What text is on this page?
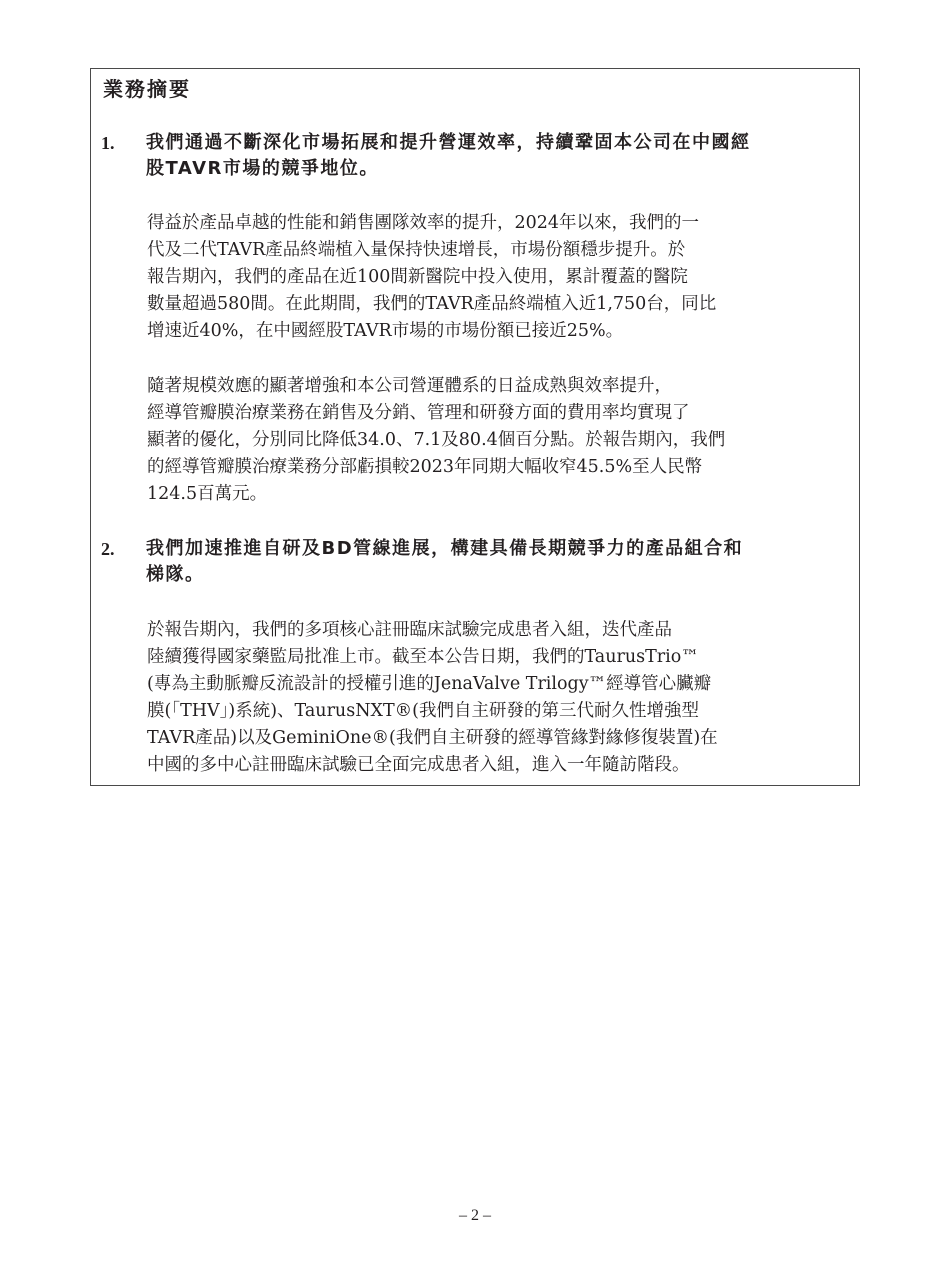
業務摘要
1. 我們通過不斷深化市場拓展和提升營運效率，持續鞏固本公司在中國經
股TAVR市場的競爭地位。
得益於產品卓越的性能和銷售團隊效率的提升，2024年以來，我們的一
代及二代TAVR產品終端植入量保持快速增長，市場份額穩步提升。於
報告期內，我們的產品在近100間新醫院中投入使用，累計覆蓋的醫院
數量超過580間。在此期間，我們的TAVR產品終端植入近1,750台，同比
增速近40%，在中國經股TAVR市場的市場份額已接近25%。
隨著規模效應的顯著增強和本公司營運體系的日益成熟與效率提升，
經導管瓣膜治療業務在銷售及分銷、管理和研發方面的費用率均實現了
顯著的優化，分別同比降低34.0、7.1及80.4個百分點。於報告期內，我們
的經導管瓣膜治療業務分部虧損較2023年同期大幅收窄45.5%至人民幣
124.5百萬元。
2. 我們加速推進自研及BD管線進展，構建具備長期競爭力的產品組合和
梯隊。
於報告期內，我們的多項核心註冊臨床試驗完成患者入組，迭代產品
陸續獲得國家藥監局批准上市。截至本公告日期，我們的TaurusTrio™
(專為主動脈瓣反流設計的授權引進的JenaValve Trilogy™經導管心臟瓣
膜(「THV」)系統)、TaurusNXT®(我們自主研發的第三代耐久性增強型
TAVR產品)以及GeminiOne®(我們自主研發的經導管緣對緣修復裝置)在
中國的多中心註冊臨床試驗已全面完成患者入組，進入一年隨訪階段。
– 2 –
